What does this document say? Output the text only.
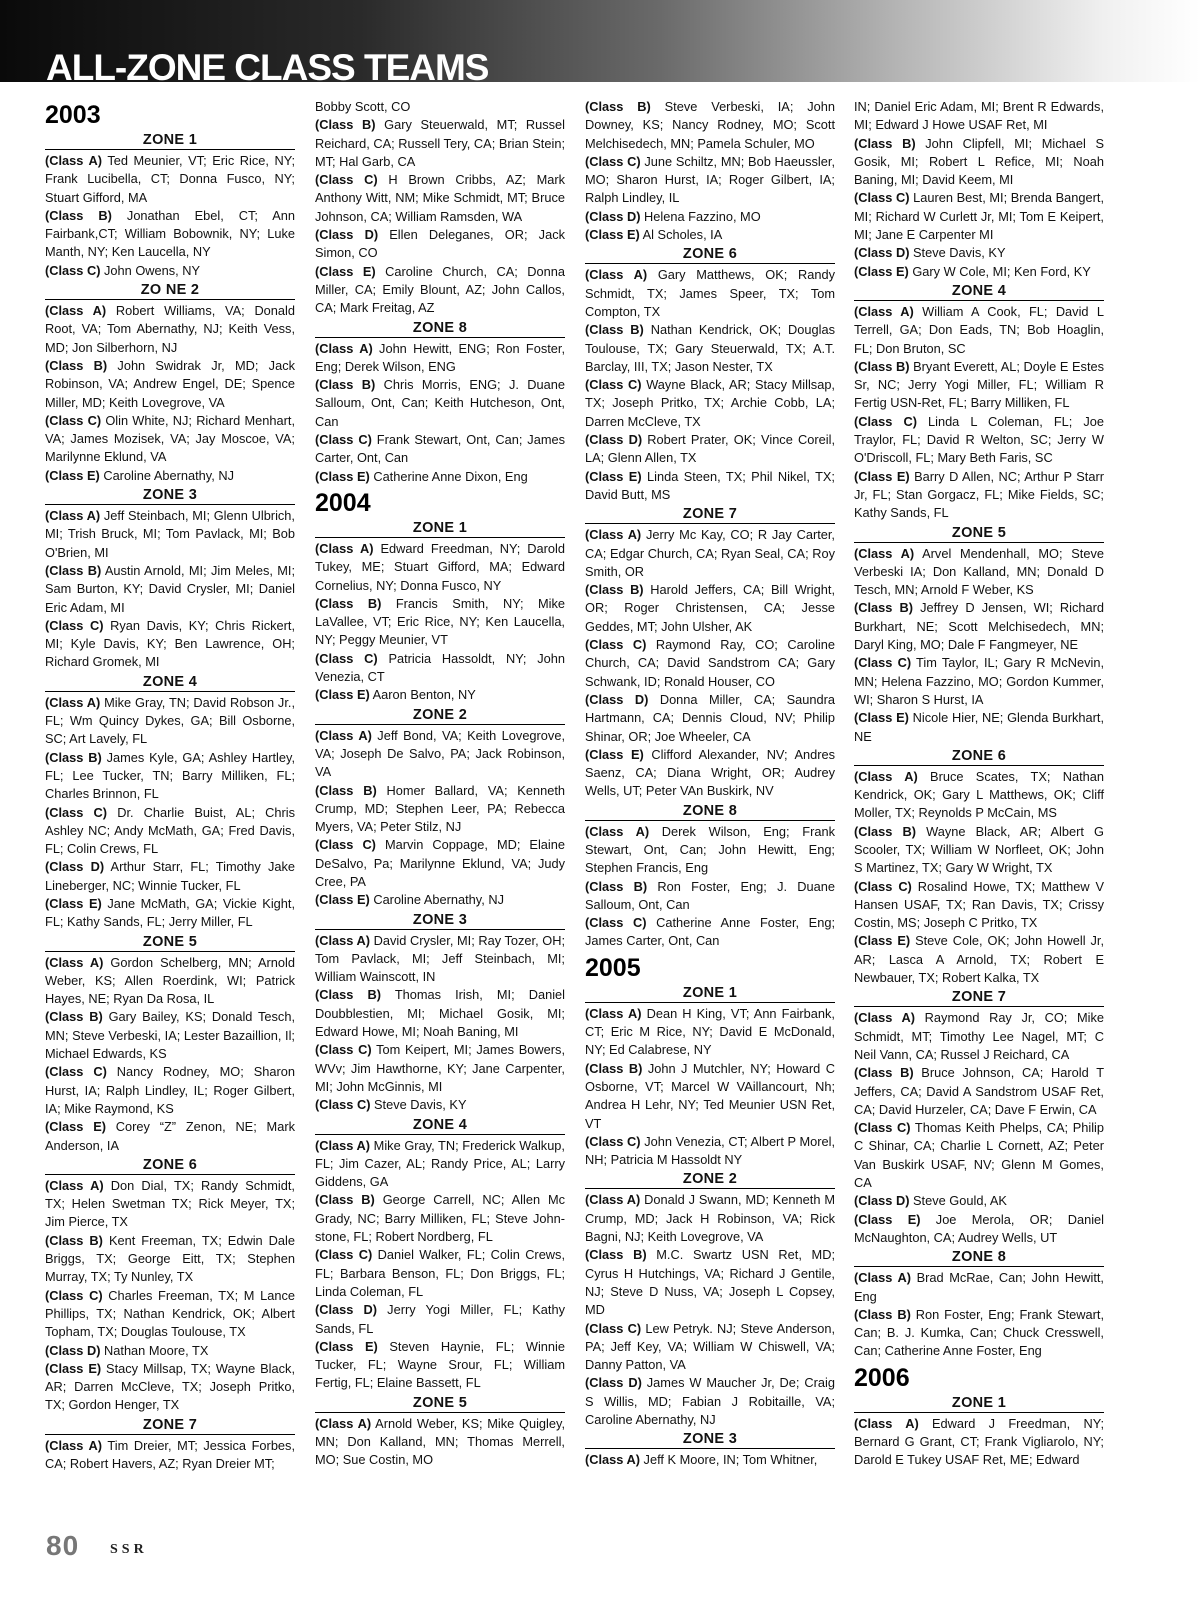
ALL-ZONE CLASS TEAMS
2003
ZONE 1

(Class A) Ted Meunier, VT; Eric Rice, NY; Frank Lucibella, CT; Donna Fusco, NY; Stuart Gifford, MA

(Class B) Jonathan Ebel, CT; Ann Fairbank,CT; William Bobownik, NY; Luke Manth, NY; Ken Laucella, NY

(Class C) John Owens, NY

ZO NE 2

(Class A) Robert Williams, VA; Donald Root, VA; Tom Abernathy, NJ; Keith Vess, MD; Jon Silberhorn, NJ

(Class B) John Swidrak Jr, MD; Jack Robinson, VA; Andrew Engel, DE; Spence Miller, MD; Keith Lovegrove, VA

(Class C) Olin White, NJ; Richard Menhart, VA; James Mozisek, VA; Jay Moscoe, VA; Marilynne Eklund, VA

(Class E) Caroline Abernathy, NJ

ZONE 3

(Class A) Jeff Steinbach, MI; Glenn Ulbrich, MI; Trish Bruck, MI; Tom Pavlack, MI; Bob O'Brien, MI

(Class B) Austin Arnold, MI; Jim Meles, MI; Sam Burton, KY; David Crysler, MI; Daniel Eric Adam, MI

(Class C) Ryan Davis, KY; Chris Rickert, MI; Kyle Davis, KY; Ben Lawrence, OH; Richard Gromek, MI

ZONE 4

(Class A) Mike Gray, TN; David Robson Jr., FL; Wm Quincy Dykes, GA; Bill Osborne, SC; Art Lavely, FL

(Class B) James Kyle, GA; Ashley Hartley, FL; Lee Tucker, TN; Barry Milliken, FL; Charles Brinnon, FL

(Class C) Dr. Charlie Buist, AL; Chris Ashley NC; Andy McMath, GA; Fred Davis, FL; Colin Crews, FL

(Class D) Arthur Starr, FL; Timothy Jake Lineberger, NC; Winnie Tucker, FL

(Class E) Jane McMath, GA; Vickie Kight, FL; Kathy Sands, FL; Jerry Miller, FL

ZONE 5

(Class A) Gordon Schelberg, MN; Arnold Weber, KS; Allen Roerdink, WI; Patrick Hayes, NE; Ryan Da Rosa, IL

(Class B) Gary Bailey, KS; Donald Tesch, MN; Steve Verbeski, IA; Lester Bazaillion, Il; Michael Edwards, KS

(Class C) Nancy Rodney, MO; Sharon Hurst, IA; Ralph Lindley, IL; Roger Gilbert, IA; Mike Raymond, KS

(Class E) Corey “Z” Zenon, NE; Mark Anderson, IA

ZONE 6

(Class A) Don Dial, TX; Randy Schmidt, TX; Helen Swetman TX; Rick Meyer, TX; Jim Pierce, TX

(Class B) Kent Freeman, TX; Edwin Dale Briggs, TX; George Eitt, TX; Stephen Murray, TX; Ty Nunley, TX

(Class C) Charles Freeman, TX; M Lance Phillips, TX; Nathan Kendrick, OK; Albert Topham, TX; Douglas Toulouse, TX

(Class D) Nathan Moore, TX

(Class E) Stacy Millsap, TX; Wayne Black, AR; Darren McCleve, TX; Joseph Pritko, TX; Gordon Henger, TX

ZONE 7

(Class A) Tim Dreier, MT; Jessica Forbes, CA; Robert Havers, AZ; Ryan Dreier MT;

Bobby Scott, CO

(Class B) Gary Steuerwald, MT; Russel Reichard, CA; Russell Tery, CA; Brian Stein; MT; Hal Garb, CA

(Class C) H Brown Cribbs, AZ; Mark Anthony Witt, NM; Mike Schmidt, MT; Bruce Johnson, CA; William Ramsden, WA

(Class D) Ellen Deleganes, OR; Jack Simon, CO

(Class E) Caroline Church, CA; Donna Miller, CA; Emily Blount, AZ; John Callos, CA; Mark Freitag, AZ

ZONE 8

(Class A) John Hewitt, ENG; Ron Foster, Eng; Derek Wilson, ENG

(Class B) Chris Morris, ENG; J. Duane Salloum, Ont, Can; Keith Hutcheson, Ont, Can

(Class C) Frank Stewart, Ont, Can; James Carter, Ont, Can

(Class E) Catherine Anne Dixon, Eng

2004
ZONE 1

(Class A) Edward Freedman, NY; Darold Tukey, ME; Stuart Gifford, MA; Edward Cornelius, NY; Donna Fusco, NY

(Class B) Francis Smith, NY; Mike LaVallee, VT; Eric Rice, NY; Ken Laucella, NY; Peggy Meunier, VT

(Class C) Patricia Hassoldt, NY; John Venezia, CT

(Class E) Aaron Benton, NY

ZONE 2

(Class A) Jeff Bond, VA; Keith Lovegrove, VA; Joseph De Salvo, PA; Jack Robinson, VA

(Class B) Homer Ballard, VA; Kenneth Crump, MD; Stephen Leer, PA; Rebecca Myers, VA; Peter Stilz, NJ

(Class C) Marvin Coppage, MD; Elaine DeSalvo, Pa; Marilynne Eklund, VA; Judy Cree, PA

(Class E) Caroline Abernathy, NJ

ZONE 3

(Class A) David Crysler, MI; Ray Tozer, OH; Tom Pavlack, MI; Jeff Steinbach, MI; William Wainscott, IN

(Class B) Thomas Irish, MI; Daniel Doubblestien, MI; Michael Gosik, MI; Edward Howe, MI; Noah Baning, MI

(Class C) Tom Keipert, MI; James Bowers, WVv; Jim Hawthorne, KY; Jane Carpenter, MI; John McGinnis, MI

(Class C) Steve Davis, KY

ZONE 4

(Class A) Mike Gray, TN; Frederick Walkup, FL; Jim Cazer, AL; Randy Price, AL; Larry Giddens, GA

(Class B) George Carrell, NC; Allen Mc Grady, NC; Barry Milliken, FL; Steve John-stone, FL; Robert Nordberg, FL

(Class C) Daniel Walker, FL; Colin Crews, FL; Barbara Benson, FL; Don Briggs, FL; Linda Coleman, FL

(Class D) Jerry Yogi Miller, FL; Kathy Sands, FL

(Class E) Steven Haynie, FL; Winnie Tucker, FL; Wayne Srour, FL; William Fertig, FL; Elaine Bassett, FL

ZONE 5

(Class A) Arnold Weber, KS; Mike Quigley, MN; Don Kalland, MN; Thomas Merrell, MO; Sue Costin, MO

(Class B) Steve Verbeski, IA; John Downey, KS; Nancy Rodney, MO; Scott Melchisedech, MN; Pamela Schuler, MO

(Class C) June Schiltz, MN; Bob Haeussler, MO; Sharon Hurst, IA; Roger Gilbert, IA; Ralph Lindley, IL

(Class D) Helena Fazzino, MO

(Class E) Al Scholes, IA

ZONE 6

(Class A) Gary Matthews, OK; Randy Schmidt, TX; James Speer, TX; Tom Compton, TX

(Class B) Nathan Kendrick, OK; Douglas Toulouse, TX; Gary Steuerwald, TX; A.T. Barclay, III, TX; Jason Nester, TX

(Class C) Wayne Black, AR; Stacy Millsap, TX; Joseph Pritko, TX; Archie Cobb, LA; Darren McCleve, TX

(Class D) Robert Prater, OK; Vince Coreil, LA; Glenn Allen, TX

(Class E) Linda Steen, TX; Phil Nikel, TX; David Butt, MS

ZONE 7

(Class A) Jerry Mc Kay, CO; R Jay Carter, CA; Edgar Church, CA; Ryan Seal, CA; Roy Smith, OR

(Class B) Harold Jeffers, CA; Bill Wright, OR; Roger Christensen, CA; Jesse Geddes, MT; John Ulsher, AK

(Class C) Raymond Ray, CO; Caroline Church, CA; David Sandstrom CA; Gary Schwank, ID; Ronald Houser, CO

(Class D) Donna Miller, CA; Saundra Hartmann, CA; Dennis Cloud, NV; Philip Shinar, OR; Joe Wheeler, CA

(Class E) Clifford Alexander, NV; Andres Saenz, CA; Diana Wright, OR; Audrey Wells, UT; Peter VAn Buskirk, NV

ZONE 8

(Class A) Derek Wilson, Eng; Frank Stewart, Ont, Can; John Hewitt, Eng; Stephen Francis, Eng

(Class B) Ron Foster, Eng; J. Duane Salloum, Ont, Can

(Class C) Catherine Anne Foster, Eng; James Carter, Ont, Can

2005
ZONE 1

(Class A) Dean H King, VT; Ann Fairbank, CT; Eric M Rice, NY; David E McDonald, NY; Ed Calabrese, NY

(Class B) John J Mutchler, NY; Howard C Osborne, VT; Marcel W VAillancourt, Nh; Andrea H Lehr, NY; Ted Meunier USN Ret, VT

(Class C) John Venezia, CT; Albert P Morel, NH; Patricia M Hassoldt NY

ZONE 2

(Class A) Donald J Swann, MD; Kenneth M Crump, MD; Jack H Robinson, VA; Rick Bagni, NJ; Keith Lovegrove, VA

(Class B) M.C. Swartz USN Ret, MD; Cyrus H Hutchings, VA; Richard J Gentile, NJ; Steve D Nuss, VA; Joseph L Copsey, MD

(Class C) Lew Petryk. NJ; Steve Anderson, PA; Jeff Key, VA; William W Chiswell, VA; Danny Patton, VA

(Class D) James W Maucher Jr, De; Craig S Willis, MD; Fabian J Robitaille, VA; Caroline Abernathy, NJ

ZONE 3

(Class A) Jeff K Moore, IN; Tom Whitner,

IN; Daniel Eric Adam, MI; Brent R Edwards, MI; Edward J Howe USAF Ret, MI

(Class B) John Clipfell, MI; Michael S Gosik, MI; Robert L Refice, MI; Noah Baning, MI; David Keem, MI

(Class C) Lauren Best, MI; Brenda Bangert, MI; Richard W Curlett Jr, MI; Tom E Keipert, MI; Jane E Carpenter MI

(Class D) Steve Davis, KY

(Class E) Gary W Cole, MI; Ken Ford, KY

ZONE 4

(Class A) William A Cook, FL; David L Terrell, GA; Don Eads, TN; Bob Hoaglin, FL; Don Bruton, SC

(Class B) Bryant Everett, AL; Doyle E Estes Sr, NC; Jerry Yogi Miller, FL; William R Fertig USN-Ret, FL; Barry Milliken, FL

(Class C) Linda L Coleman, FL; Joe Traylor, FL; David R Welton, SC; Jerry W O'Driscoll, FL; Mary Beth Faris, SC

(Class E) Barry D Allen, NC; Arthur P Starr Jr, FL; Stan Gorgacz, FL; Mike Fields, SC; Kathy Sands, FL

ZONE 5

(Class A) Arvel Mendenhall, MO; Steve Verbeski IA; Don Kalland, MN; Donald D Tesch, MN; Arnold F Weber, KS

(Class B) Jeffrey D Jensen, WI; Richard Burkhart, NE; Scott Melchisedech, MN; Daryl King, MO; Dale F Fangmeyer, NE

(Class C) Tim Taylor, IL; Gary R McNevin, MN; Helena Fazzino, MO; Gordon Kummer, WI; Sharon S Hurst, IA

(Class E) Nicole Hier, NE; Glenda Burkhart, NE

ZONE 6

(Class A) Bruce Scates, TX; Nathan Kendrick, OK; Gary L Matthews, OK; Cliff Moller, TX; Reynolds P McCain, MS

(Class B) Wayne Black, AR; Albert G Scooler, TX; William W Norfleet, OK; John S Martinez, TX; Gary W Wright, TX

(Class C) Rosalind Howe, TX; Matthew V Hansen USAF, TX; Ran Davis, TX; Crissy Costin, MS; Joseph C Pritko, TX

(Class E) Steve Cole, OK; John Howell Jr, AR; Lasca A Arnold, TX; Robert E Newbauer, TX; Robert Kalka, TX

ZONE 7

(Class A) Raymond Ray Jr, CO; Mike Schmidt, MT; Timothy Lee Nagel, MT; C Neil Vann, CA; Russel J Reichard, CA

(Class B) Bruce Johnson, CA; Harold T Jeffers, CA; David A Sandstrom USAF Ret, CA; David Hurzeler, CA; Dave F Erwin, CA

(Class C) Thomas Keith Phelps, CA; Philip C Shinar, CA; Charlie L Cornett, AZ; Peter Van Buskirk USAF, NV; Glenn M Gomes, CA

(Class D) Steve Gould, AK

(Class E) Joe Merola, OR; Daniel McNaughton, CA; Audrey Wells, UT

ZONE 8

(Class A) Brad McRae, Can; John Hewitt, Eng

(Class B) Ron Foster, Eng; Frank Stewart, Can; B. J. Kumka, Can; Chuck Cresswell, Can; Catherine Anne Foster, Eng

2006
ZONE 1

(Class A) Edward J Freedman, NY; Bernard G Grant, CT; Frank Vigliarolo, NY; Darold E Tukey USAF Ret, ME; Edward

80 SSR
